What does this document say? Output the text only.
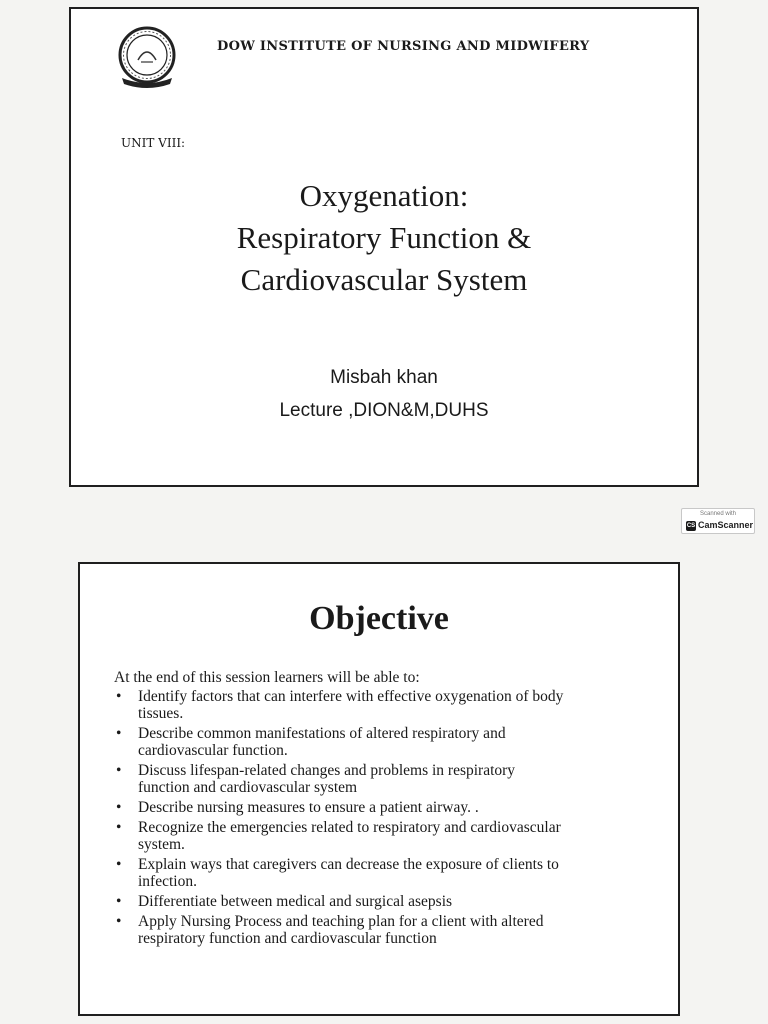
DOW INSTITUTE OF NURSING AND MIDWIFERY
UNIT VIII:
Oxygenation:
Respiratory Function &
Cardiovascular System
Misbah khan
Lecture ,DION&M,DUHS
Scanned with
CS CamScanner
Objective
At the end of this session learners will be able to:
• Identify factors that can interfere with effective oxygenation of body
tissues.
• Describe common manifestations of altered respiratory and
cardiovascular function.
• Discuss lifespan-related changes and problems in respiratory
function and cardiovascular system
• Describe nursing measures to ensure a patient airway. .
• Recognize the emergencies related to respiratory and cardiovascular
system.
• Explain ways that caregivers can decrease the exposure of clients to
infection.
• Differentiate between medical and surgical asepsis
• Apply Nursing Process and teaching plan for a client with altered
respiratory function and cardiovascular function
